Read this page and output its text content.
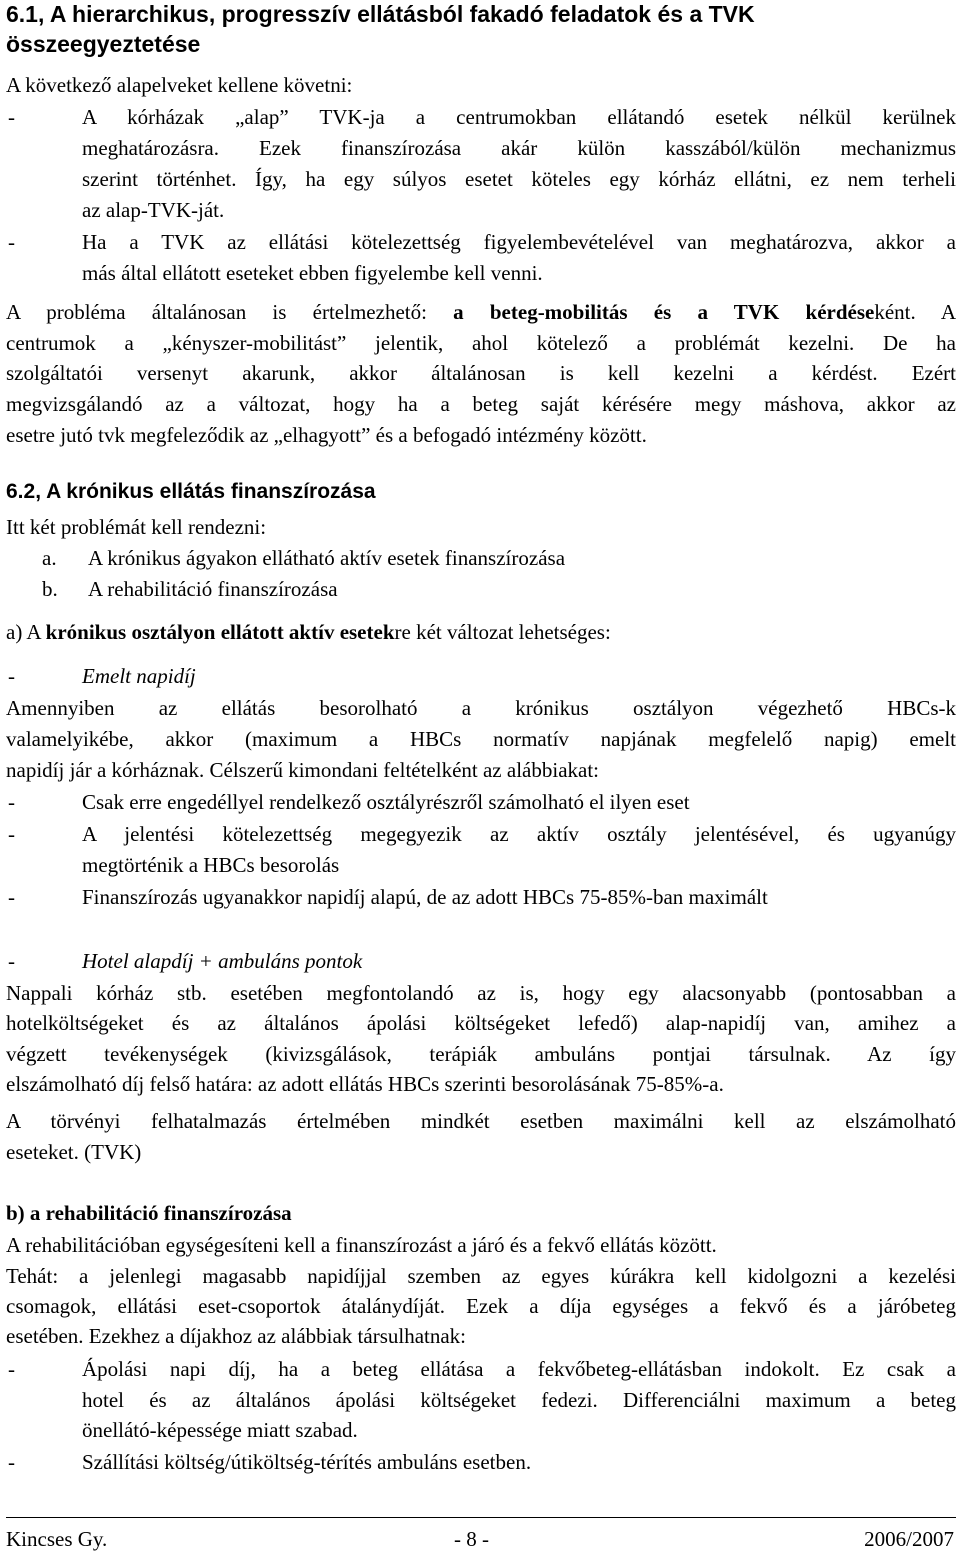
6.1, A hierarchikus, progresszív ellátásból fakadó feladatok és a TVK
összeegyeztetése
A következő alapelveket kellene követni:
-	A kórházak „alap” TVK-ja a centrumokban ellátandó esetek nélkül kerülnek
meghatározásra. Ezek finanszírozása akár külön kasszából/külön mechanizmus
szerint történhet. Így, ha egy súlyos esetet köteles egy kórház ellátni, ez nem terheli
az alap-TVK-ját.
-	Ha a TVK az ellátási kötelezettség figyelembevételével van meghatározva, akkor a
más által ellátott eseteket ebben figyelembe kell venni.
A probléma általánosan is értelmezhető: a beteg-mobilitás és a TVK kérdéseként. A
centrumok a „kényszer-mobilitást” jelentik, ahol kötelező a problémát kezelni. De ha
szolgáltatói versenyt akarunk, akkor általánosan is kell kezelni a kérdést. Ezért
megvizsgálandó az a változat, hogy ha a beteg saját kérésére megy máshova, akkor az
esetre jutó tvk megfeleződik az „elhagyott” és a befogadó intézmény között.
6.2, A krónikus ellátás finanszírozása
Itt két problémát kell rendezni:
a. A krónikus ágyakon ellátható aktív esetek finanszírozása
b. A rehabilitáció finanszírozása
a) A krónikus osztályon ellátott aktív esetekre két változat lehetséges:
-	Emelt napidíj
Amennyiben az ellátás besorolható a krónikus osztályon végezhető HBCs-k
valamelyikébe, akkor (maximum a HBCs normatív napjának megfelelő napig) emelt
napidíj jár a kórháznak. Célszerű kimondani feltételként az alábbiakat:
-	Csak erre engedéllyel rendelkező osztályrészről számolható el ilyen eset
-	A jelentési kötelezettség megegyezik az aktív osztály jelentésével, és ugyanúgy
megtörténik a HBCs besorolás
-	Finanszírozás ugyanakkor napidíj alapú, de az adott HBCs 75-85%-ban maximált
-	Hotel alapdíj + ambuláns pontok
Nappali kórház stb. esetében megfontolandó az is, hogy egy alacsonyabb (pontosabban a
hotelköltségeket és az általános ápolási költségeket lefedő) alap-napidíj van, amihez a
végzett tevékenységek (kivizsgálások, terápiák ambuláns pontjai társulnak. Az így
elszámolható díj felső határa: az adott ellátás HBCs szerinti besorolásának 75-85%-a.
A törvényi felhatalmazás értelmében mindkét esetben maximálni kell az elszámolható
eseteket. (TVK)
b) a rehabilitáció finanszírozása
A rehabilitációban egységesíteni kell a finanszírozást a járó és a fekvő ellátás között.
Tehát: a jelenlegi magasabb napidíjjal szemben az egyes kúrákra kell kidolgozni a kezelési
csomagok, ellátási eset-csoportok átalánydíját. Ezek a díja egységes a fekvő és a járóbeteg
esetében. Ezekhez a díjakhoz az alábbiak társulhatnak:
-	Ápolási napi díj, ha a beteg ellátása a fekvőbeteg-ellátásban indokolt. Ez csak a
hotel és az általános ápolási költségeket fedezi. Differenciálni maximum a beteg
önellátó-képessége miatt szabad.
-	Szállítási költség/útiköltség-térítés ambuláns esetben.
Kincses Gy.	- 8 -	2006/2007
